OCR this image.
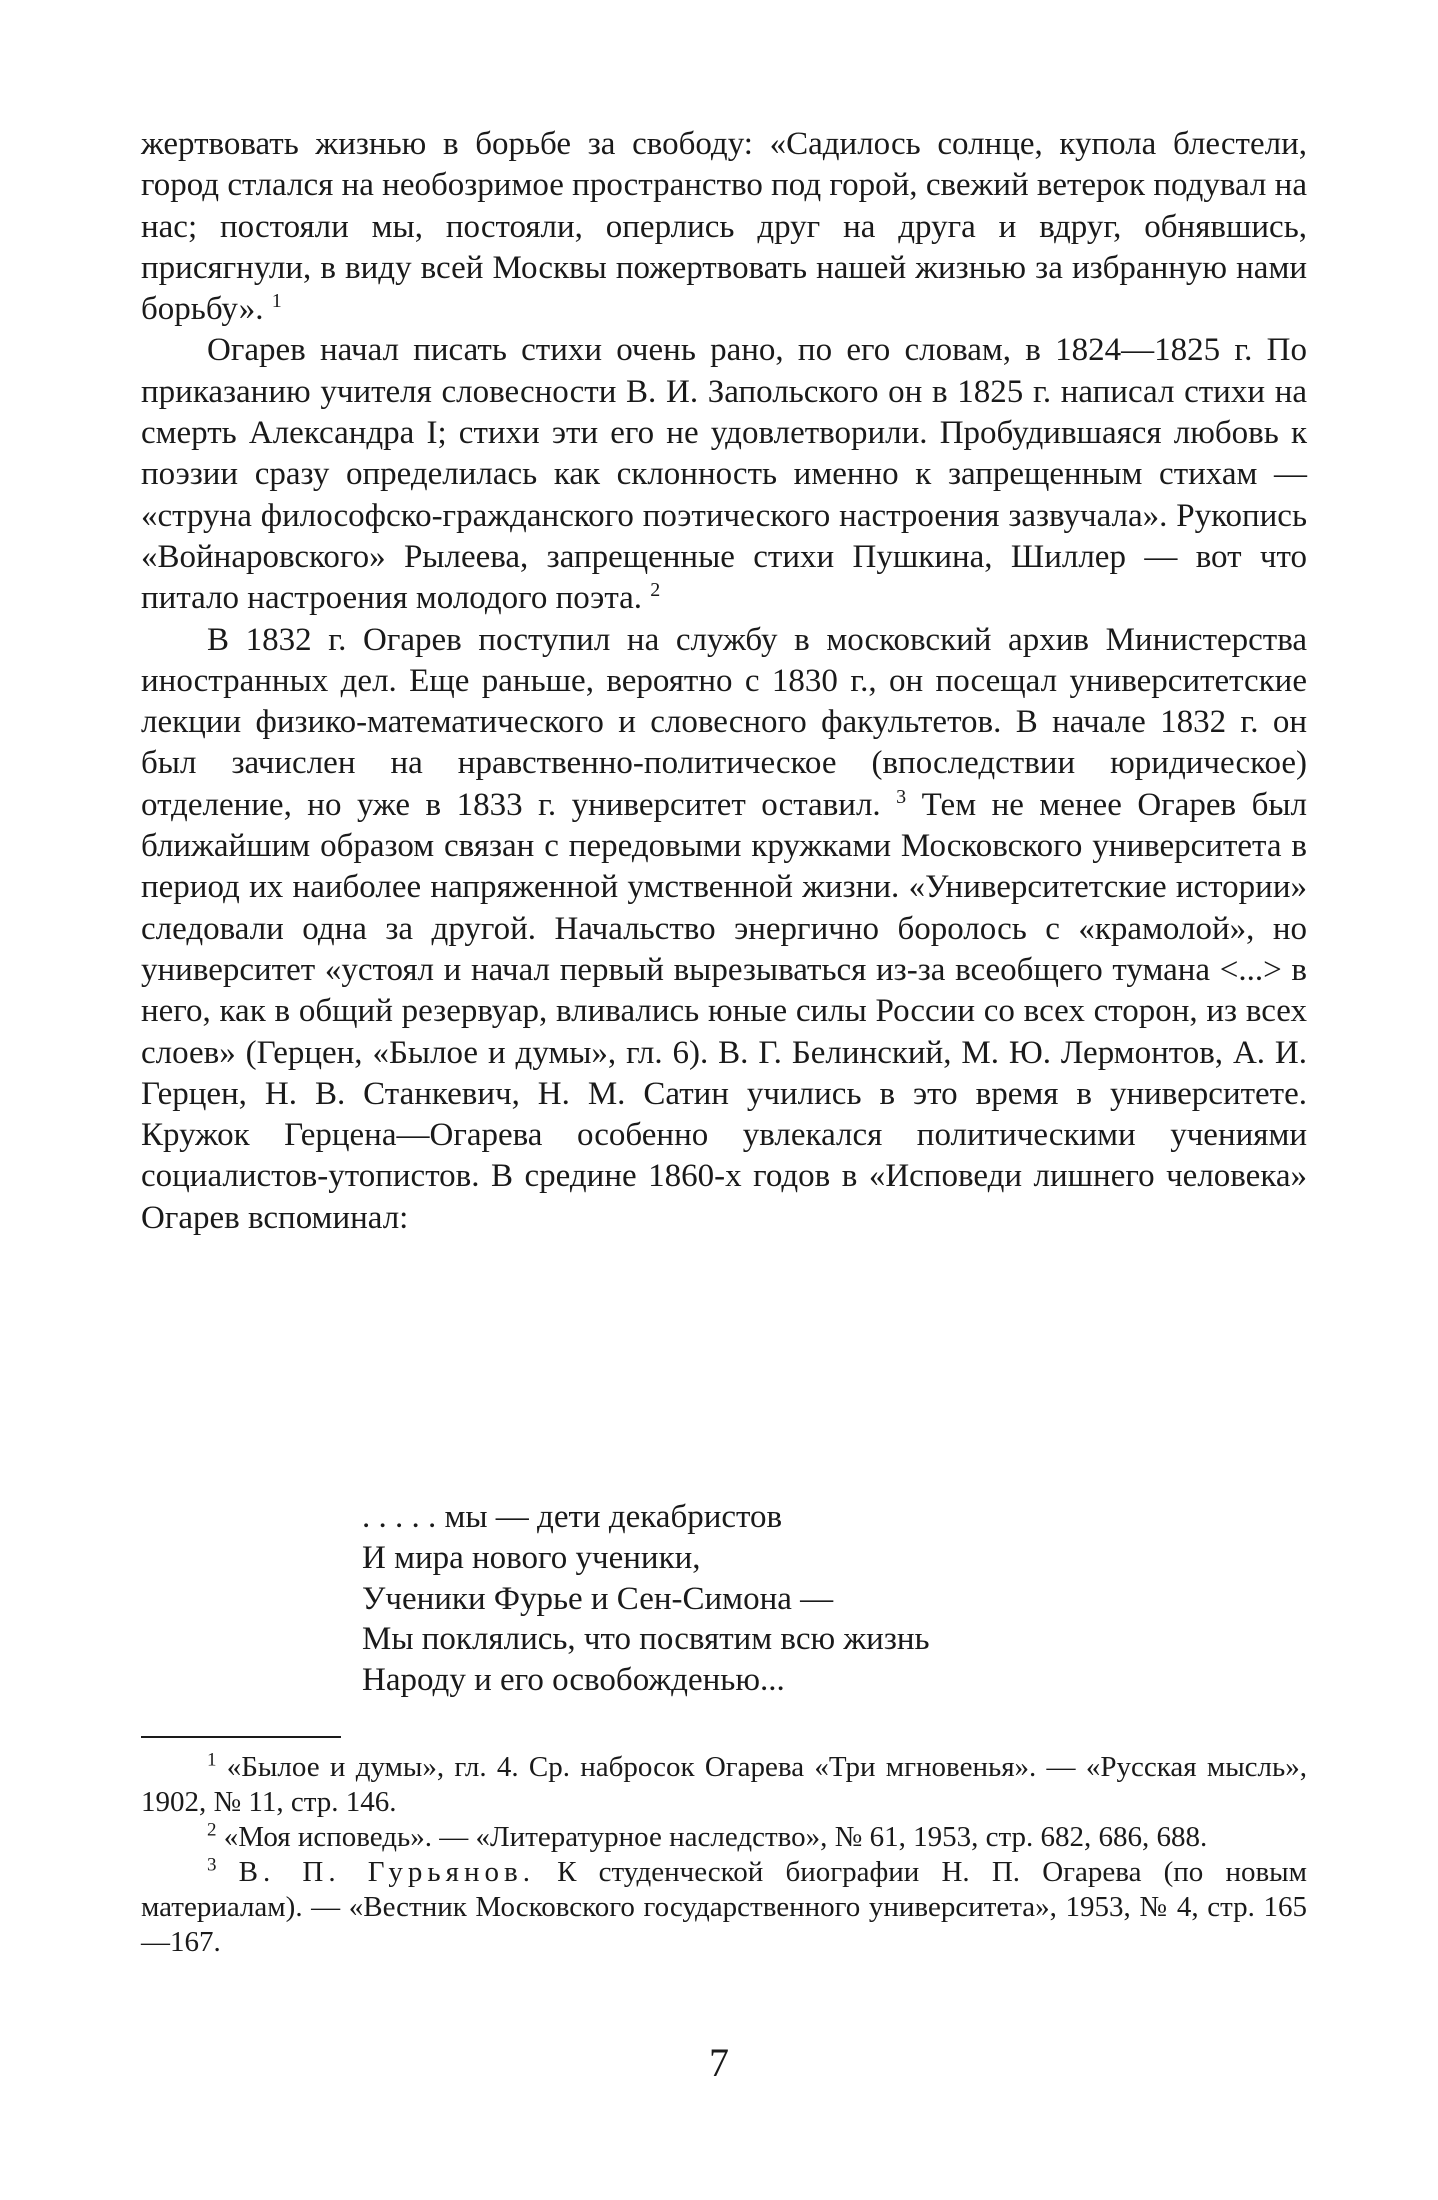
жертвовать жизнью в борьбе за свободу: «Садилось солнце, купола блестели, город стлался на необозримое пространство под горой, свежий ветерок подувал на нас; постояли мы, постояли, оперлись друг на друга и вдруг, обнявшись, присягнули, в виду всей Москвы пожертвовать нашей жизнью за избранную нами борьбу». $^1$

Огарев начал писать стихи очень рано, по его словам, в 1824—1825 г. По приказанию учителя словесности В. И. Запольского он в 1825 г. написал стихи на смерть Александра I; стихи эти его не удовлетворили. Пробудившаяся любовь к поэзии сразу определилась как склонность именно к запрещенным стихам — «струна философско-гражданского поэтического настроения зазвучала». Рукопись «Войнаровского» Рылеева, запрещенные стихи Пушкина, Шиллер — вот что питало настроения молодого поэта. $^2$

В 1832 г. Огарев поступил на службу в московский архив Министерства иностранных дел. Еще раньше, вероятно с 1830 г., он посещал университетские лекции физико-математического и словесного факультетов. В начале 1832 г. он был зачислен на нравственно-политическое (впоследствии юридическое) отделение, но уже в 1833 г. университет оставил. $^3$ Тем не менее Огарев был ближайшим образом связан с передовыми кружками Московского университета в период их наиболее напряженной умственной жизни. «Университетские истории» следовали одна за другой. Начальство энергично боролось с «крамолой», но университет «устоял и начал первый вырезываться из-за всеобщего тумана <...> в него, как в общий резервуар, вливались юные силы России со всех сторон, из всех слоев» (Герцен, «Былое и думы», гл. 6). В. Г. Белинский, М. Ю. Лермонтов, А. И. Герцен, Н. В. Станкевич, Н. М. Сатин учились в это время в университете. Кружок Герцена—Огарева особенно увлекался политическими учениями социалистов-утопистов. В средине 1860-х годов в «Исповеди лишнего человека» Огарев вспоминал:

. . . . . мы — дети декабристов
И мира нового ученики,
Ученики Фурье и Сен-Симона —
Мы поклялись, что посвятим всю жизнь
Народу и его освобожденью...

$^1$ «Былое и думы», гл. 4. Ср. набросок Огарева «Три мгновенья». — «Русская мысль», 1902, № 11, стр. 146.

$^2$ «Моя исповедь». — «Литературное наследство», № 61, 1953, стр. 682, 686, 688.

$^3$ В. П. Гурьянов. К студенческой биографии Н. П. Огарева (по новым материалам). — «Вестник Московского государственного университета», 1953, № 4, стр. 165—167.

7
